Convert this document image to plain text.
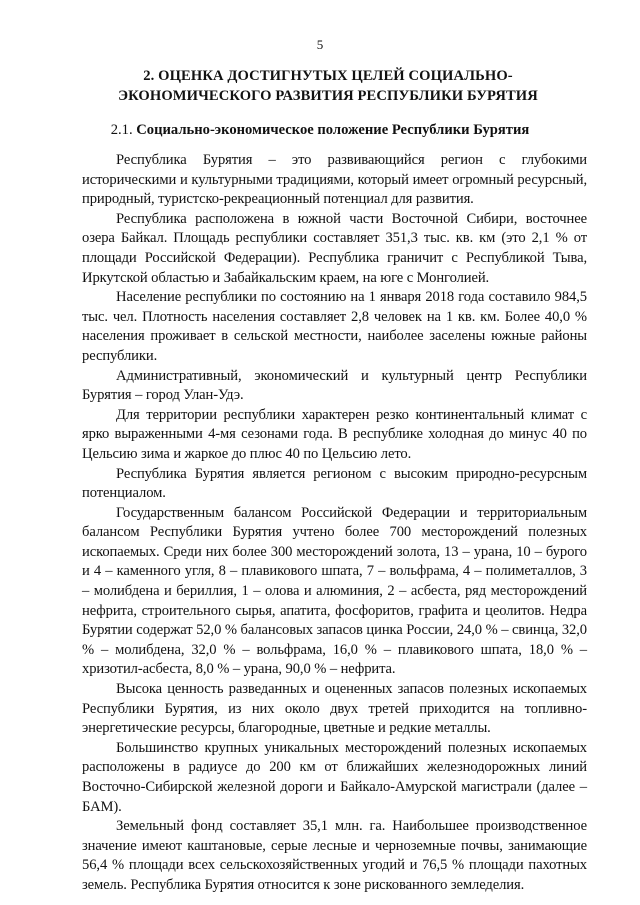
5
2. ОЦЕНКА ДОСТИГНУТЫХ ЦЕЛЕЙ СОЦИАЛЬНО-
ЭКОНОМИЧЕСКОГО РАЗВИТИЯ РЕСПУБЛИКИ БУРЯТИЯ
2.1. Социально-экономическое положение Республики Бурятия

Республика Бурятия – это развивающийся регион с глубокими историческими и культурными традициями, который имеет огромный ресурсный, природный, туристско-рекреационный потенциал для развития.

Республика расположена в южной части Восточной Сибири, восточнее озера Байкал. Площадь республики составляет 351,3 тыс. кв. км (это 2,1 % от площади Российской Федерации). Республика граничит с Республикой Тыва, Иркутской областью и Забайкальским краем, на юге с Монголией.

Население республики по состоянию на 1 января 2018 года составило 984,5 тыс. чел. Плотность населения составляет 2,8 человек на 1 кв. км. Более 40,0 % населения проживает в сельской местности, наиболее заселены южные районы республики.

Административный, экономический и культурный центр Республики Бурятия – город Улан-Удэ.

Для территории республики характерен резко континентальный климат с ярко выраженными 4-мя сезонами года. В республике холодная до минус 40 по Цельсию зима и жаркое до плюс 40 по Цельсию лето.

Республика Бурятия является регионом с высоким природно-ресурсным потенциалом.

Государственным балансом Российской Федерации и территориальным балансом Республики Бурятия учтено более 700 месторождений полезных ископаемых. Среди них более 300 месторождений золота, 13 – урана, 10 – бурого и 4 – каменного угля, 8 – плавикового шпата, 7 – вольфрама, 4 – полиметаллов, 3 – молибдена и бериллия, 1 – олова и алюминия, 2 – асбеста, ряд месторождений нефрита, строительного сырья, апатита, фосфоритов, графита и цеолитов. Недра Бурятии содержат 52,0 % балансовых запасов цинка России, 24,0 % – свинца, 32,0 % – молибдена, 32,0 % – вольфрама, 16,0 % – плавикового шпата, 18,0 % – хризотил-асбеста, 8,0 % – урана, 90,0 % – нефрита.

Высока ценность разведанных и оцененных запасов полезных ископаемых Республики Бурятия, из них около двух третей приходится на топливно-энергетические ресурсы, благородные, цветные и редкие металлы.

Большинство крупных уникальных месторождений полезных ископаемых расположены в радиусе до 200 км от ближайших железнодорожных линий Восточно-Сибирской железной дороги и Байкало-Амурской магистрали (далее – БАМ).

Земельный фонд составляет 35,1 млн. га. Наибольшее производственное значение имеют каштановые, серые лесные и черноземные почвы, занимающие 56,4 % площади всех сельскохозяйственных угодий и 76,5 % площади пахотных земель. Республика Бурятия относится к зоне рискованного земледелия.
